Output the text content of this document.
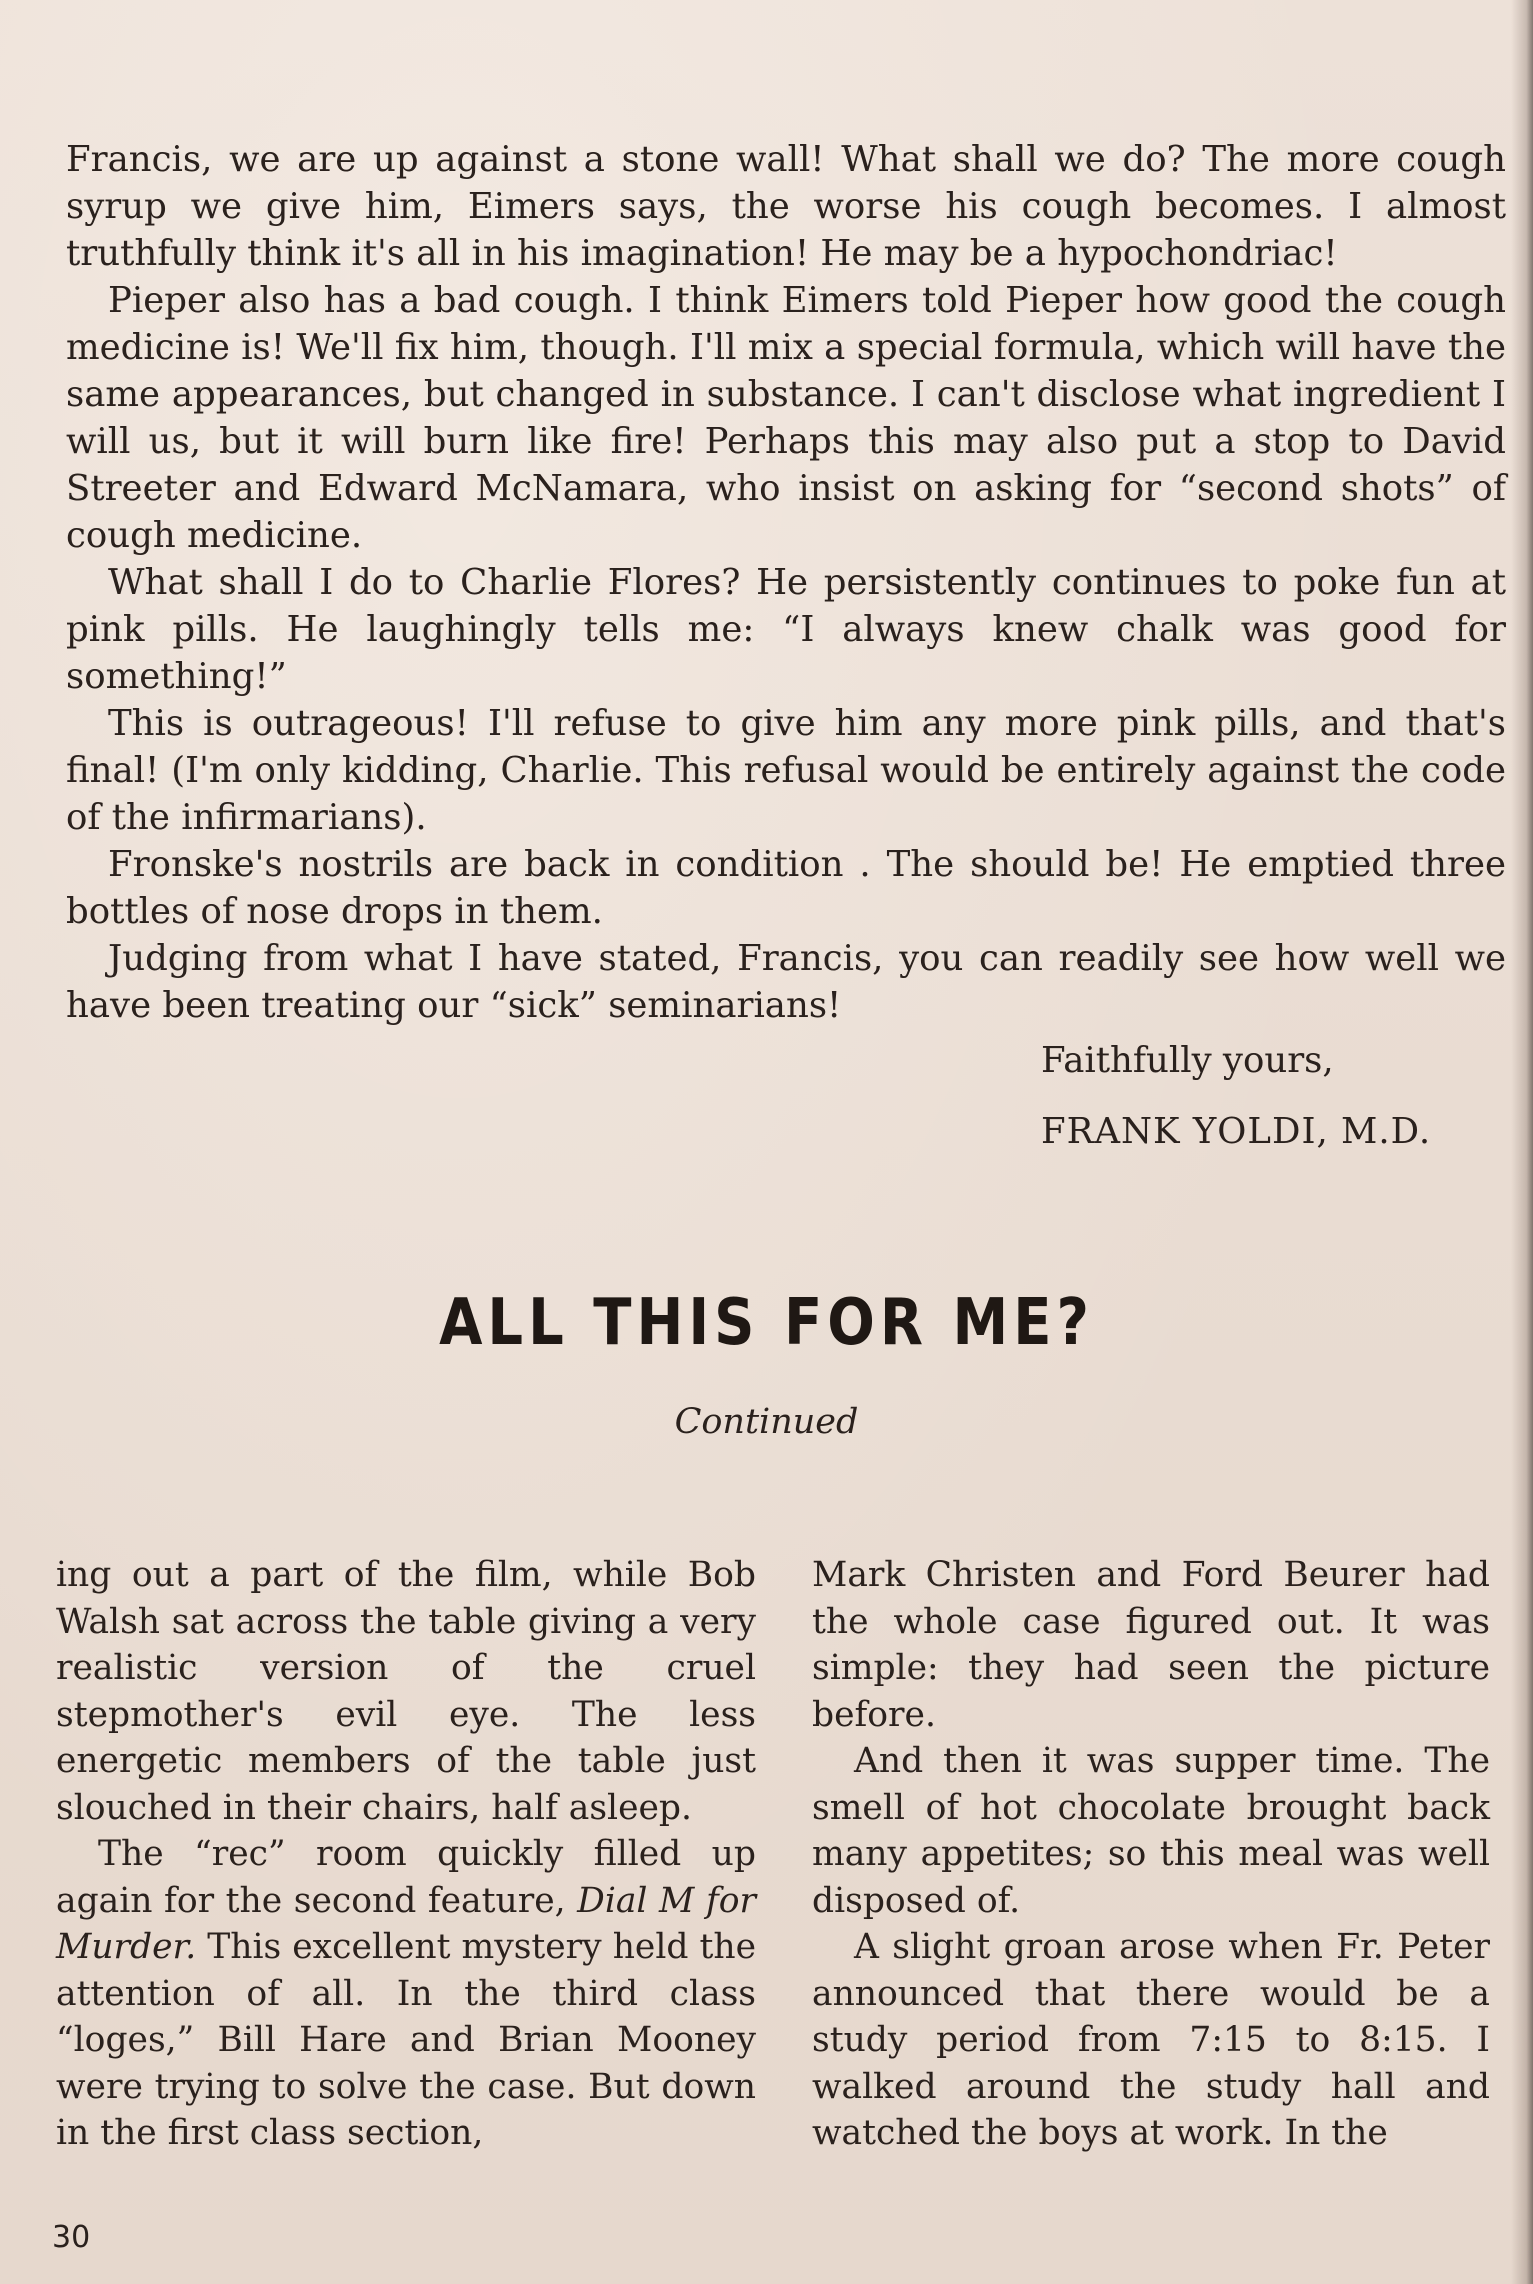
Francis, we are up against a stone wall! What shall we do? The more cough syrup we give him, Eimers says, the worse his cough becomes. I almost truthfully think it's all in his imagination! He may be a hypochondriac!

Pieper also has a bad cough. I think Eimers told Pieper how good the cough medicine is! We'll fix him, though. I'll mix a special formula, which will have the same appearances, but changed in substance. I can't disclose what ingredient I will us, but it will burn like fire! Perhaps this may also put a stop to David Streeter and Edward McNamara, who insist on asking for “second shots” of cough medicine.

What shall I do to Charlie Flores? He persistently continues to poke fun at pink pills. He laughingly tells me: “I always knew chalk was good for something!”

This is outrageous! I'll refuse to give him any more pink pills, and that's final! (I'm only kidding, Charlie. This refusal would be entirely against the code of the infirmarians).

Fronske's nostrils are back in condition . The should be! He emptied three bottles of nose drops in them.

Judging from what I have stated, Francis, you can readily see how well we have been treating our “sick” seminarians!

Faithfully yours,
FRANK YOLDI, M.D.
ALL THIS FOR ME?
Continued

ing out a part of the film, while Bob Walsh sat across the table giving a very realistic version of the cruel stepmother's evil eye. The less energetic members of the table just slouched in their chairs, half asleep.

The “rec” room quickly filled up again for the second feature, Dial M for Murder. This excellent mystery held the attention of all. In the third class “loges,” Bill Hare and Brian Mooney were trying to solve the case. But down in the first class section,

Mark Christen and Ford Beurer had the whole case figured out. It was simple: they had seen the picture before.

And then it was supper time. The smell of hot chocolate brought back many appetites; so this meal was well disposed of.

A slight groan arose when Fr. Peter announced that there would be a study period from 7:15 to 8:15. I walked around the study hall and watched the boys at work. In the

30
